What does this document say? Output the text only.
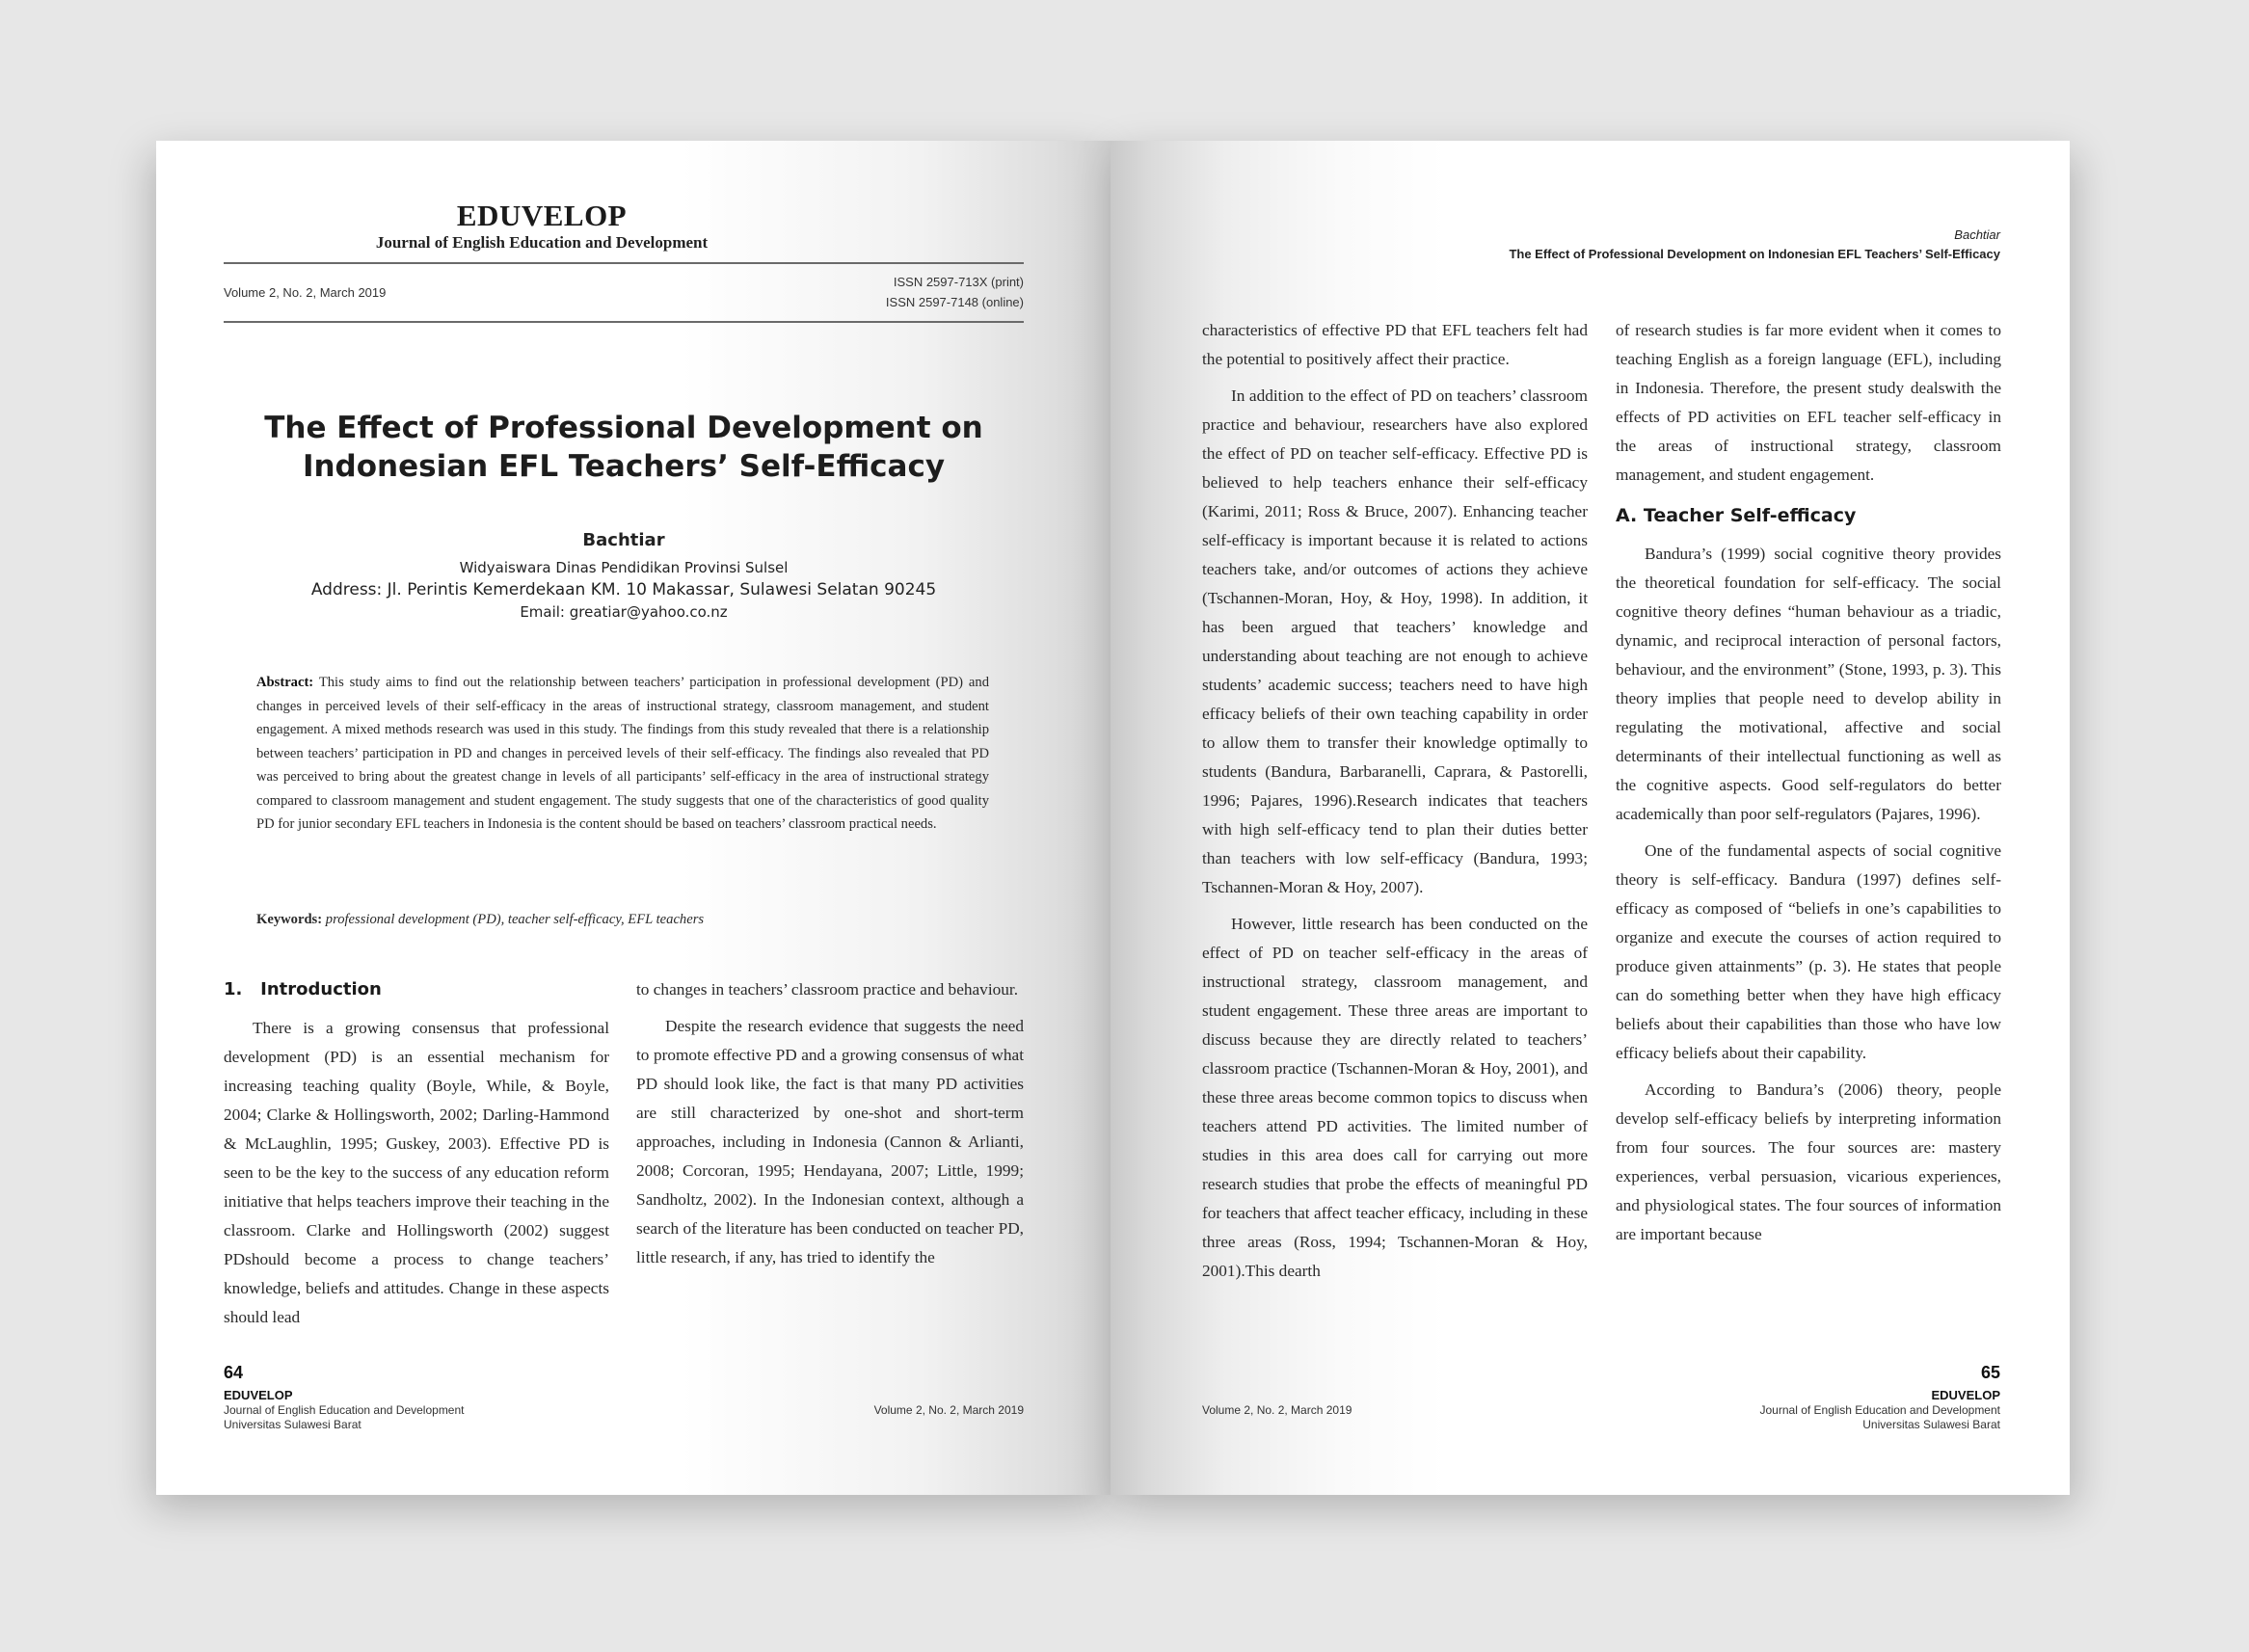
EDUVELOP
Journal of English Education and Development
Volume 2, No. 2, March 2019
ISSN 2597-713X (print)
ISSN 2597-7148 (online)
The Effect of Professional Development on
Indonesian EFL Teachers’ Self-Efficacy
Bachtiar
Widyaiswara Dinas Pendidikan Provinsi Sulsel
Address: Jl. Perintis Kemerdekaan KM. 10 Makassar, Sulawesi Selatan 90245
Email: greatiar@yahoo.co.nz
Abstract: This study aims to find out the relationship between teachers’ participation in professional development (PD) and changes in perceived levels of their self-efficacy in the areas of instructional strategy, classroom management, and student engagement. A mixed methods research was used in this study. The findings from this study revealed that there is a relationship between teachers’ participation in PD and changes in perceived levels of their self-efficacy. The findings also revealed that PD was perceived to bring about the greatest change in levels of all participants’ self-efficacy in the area of instructional strategy compared to classroom management and student engagement. The study suggests that one of the characteristics of good quality PD for junior secondary EFL teachers in Indonesia is the content should be based on teachers’ classroom practical needs.
Keywords: professional development (PD), teacher self-efficacy, EFL teachers
1.   Introduction

There is a growing consensus that professional development (PD) is an essential mechanism for increasing teaching quality (Boyle, While, & Boyle, 2004; Clarke & Hollingsworth, 2002; Darling-Hammond & McLaughlin, 1995; Guskey, 2003). Effective PD is seen to be the key to the success of any education reform initiative that helps teachers improve their teaching in the classroom. Clarke and Hollingsworth (2002) suggest PDshould become a process to change teachers’ knowledge, beliefs and attitudes. Change in these aspects should lead

to changes in teachers’ classroom practice and behaviour.

Despite the research evidence that suggests the need to promote effective PD and a growing consensus of what PD should look like, the fact is that many PD activities are still characterized by one-shot and short-term approaches, including in Indonesia (Cannon & Arlianti, 2008; Corcoran, 1995; Hendayana, 2007; Little, 1999; Sandholtz, 2002). In the Indonesian context, although a search of the literature has been conducted on teacher PD, little research, if any, has tried to identify the

64
EDUVELOP
Journal of English Education and Development
Universitas Sulawesi Barat
Volume 2, No. 2, March 2019
Bachtiar
The Effect of Professional Development on Indonesian EFL Teachers’ Self-Efficacy

characteristics of effective PD that EFL teachers felt had the potential to positively affect their practice.

In addition to the effect of PD on teachers’ classroom practice and behaviour, researchers have also explored the effect of PD on teacher self-efficacy. Effective PD is believed to help teachers enhance their self-efficacy (Karimi, 2011; Ross & Bruce, 2007). Enhancing teacher self-efficacy is important because it is related to actions teachers take, and/or outcomes of actions they achieve (Tschannen-Moran, Hoy, & Hoy, 1998). In addition, it has been argued that teachers’ knowledge and understanding about teaching are not enough to achieve students’ academic success; teachers need to have high efficacy beliefs of their own teaching capability in order to allow them to transfer their knowledge optimally to students (Bandura, Barbaranelli, Caprara, & Pastorelli, 1996; Pajares, 1996).Research indicates that teachers with high self-efficacy tend to plan their duties better than teachers with low self-efficacy (Bandura, 1993; Tschannen-Moran & Hoy, 2007).

However, little research has been conducted on the effect of PD on teacher self-efficacy in the areas of instructional strategy, classroom management, and student engagement. These three areas are important to discuss because they are directly related to teachers’ classroom practice (Tschannen-Moran & Hoy, 2001), and these three areas become common topics to discuss when teachers attend PD activities. The limited number of studies in this area does call for carrying out more research studies that probe the effects of meaningful PD for teachers that affect teacher efficacy, including in these three areas (Ross, 1994; Tschannen-Moran & Hoy, 2001).This dearth

of research studies is far more evident when it comes to teaching English as a foreign language (EFL), including in Indonesia. Therefore, the present study dealswith the effects of PD activities on EFL teacher self-efficacy in the areas of instructional strategy, classroom management, and student engagement.

A. Teacher Self-efficacy

Bandura’s (1999) social cognitive theory provides the theoretical foundation for self-efficacy. The social cognitive theory defines “human behaviour as a triadic, dynamic, and reciprocal interaction of personal factors, behaviour, and the environment” (Stone, 1993, p. 3). This theory implies that people need to develop ability in regulating the motivational, affective and social determinants of their intellectual functioning as well as the cognitive aspects. Good self-regulators do better academically than poor self-regulators (Pajares, 1996).

One of the fundamental aspects of social cognitive theory is self-efficacy. Bandura (1997) defines self-efficacy as composed of “beliefs in one’s capabilities to organize and execute the courses of action required to produce given attainments” (p. 3). He states that people can do something better when they have high efficacy beliefs about their capabilities than those who have low efficacy beliefs about their capability.

According to Bandura’s (2006) theory, people develop self-efficacy beliefs by interpreting information from four sources. The four sources are: mastery experiences, verbal persuasion, vicarious experiences, and physiological states. The four sources of information are important because

Volume 2, No. 2, March 2019
65
EDUVELOP
Journal of English Education and Development
Universitas Sulawesi Barat
